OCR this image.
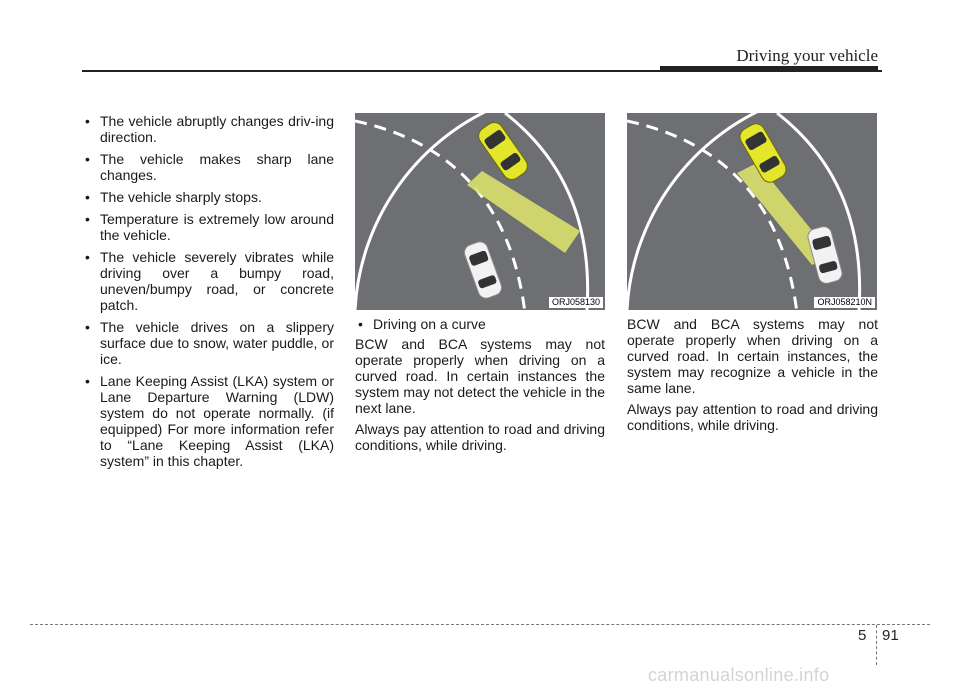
Driving your vehicle
• The vehicle abruptly changes driv-ing direction.
• The vehicle makes sharp lane changes.
• The vehicle sharply stops.
• Temperature is extremely low around the vehicle.
• The vehicle severely vibrates while driving over a bumpy road, uneven/bumpy road, or concrete patch.
• The vehicle drives on a slippery surface due to snow, water puddle, or ice.
• Lane Keeping Assist (LKA) system or Lane Departure Warning (LDW) system do not operate normally. (if equipped) For more information refer to “Lane Keeping Assist (LKA) system” in this chapter.
ORJ058130	ORJ058210N
• Driving on a curve

BCW and BCA systems may not operate properly when driving on a curved road. In certain instances the system may not detect the vehicle in the next lane.

Always pay attention to road and driving conditions, while driving.

BCW and BCA systems may not operate properly when driving on a curved road. In certain instances, the system may recognize a vehicle in the same lane.

Always pay attention to road and driving conditions, while driving.

5 91
carmanualsonline.info
